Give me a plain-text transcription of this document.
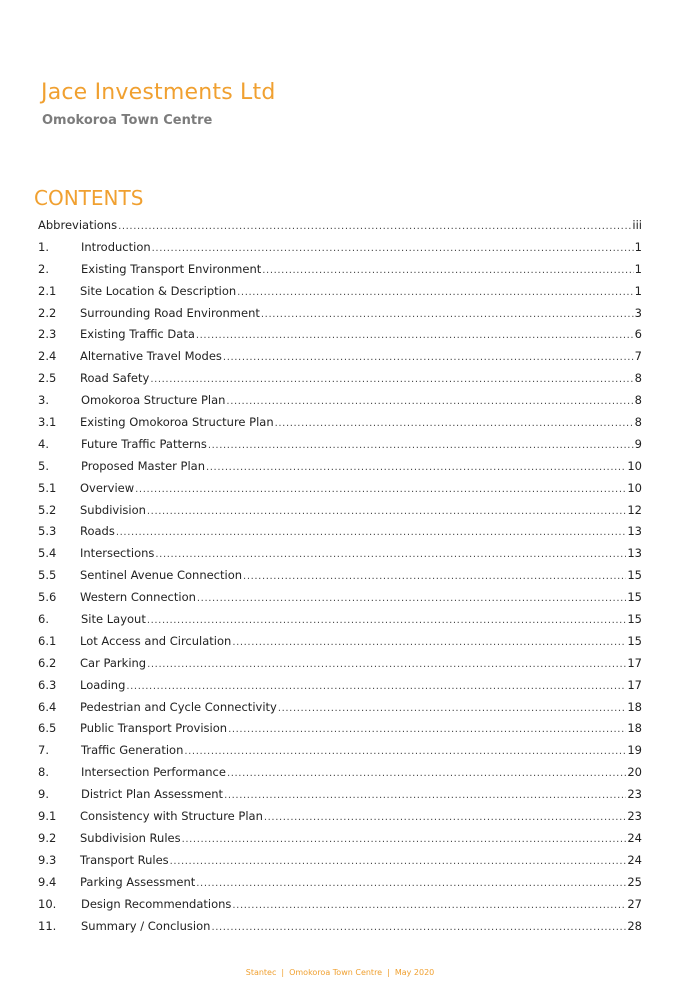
Jace Investments Ltd
Omokoroa Town Centre
CONTENTS
Abbreviations .....	iii
1.	Introduction .....	1
2.	Existing Transport Environment .....	1
2.1	Site Location & Description .....	1
2.2	Surrounding Road Environment .....	3
2.3	Existing Traffic Data .....	6
2.4	Alternative Travel Modes .....	7
2.5	Road Safety .....	8
3.	Omokoroa Structure Plan .....	8
3.1	Existing Omokoroa Structure Plan .....	8
4.	Future Traffic Patterns .....	9
5.	Proposed Master Plan .....	10
5.1	Overview .....	10
5.2	Subdivision .....	12
5.3	Roads .....	13
5.4	Intersections .....	13
5.5	Sentinel Avenue Connection .....	15
5.6	Western Connection .....	15
6.	Site Layout .....	15
6.1	Lot Access and Circulation .....	15
6.2	Car Parking .....	17
6.3	Loading .....	17
6.4	Pedestrian and Cycle Connectivity .....	18
6.5	Public Transport Provision .....	18
7.	Traffic Generation .....	19
8.	Intersection Performance .....	20
9.	District Plan Assessment .....	23
9.1	Consistency with Structure Plan .....	23
9.2	Subdivision Rules .....	24
9.3	Transport Rules .....	24
9.4	Parking Assessment .....	25
10.	Design Recommendations .....	27
11.	Summary / Conclusion .....	28
Stantec | Omokoroa Town Centre | May 2020
